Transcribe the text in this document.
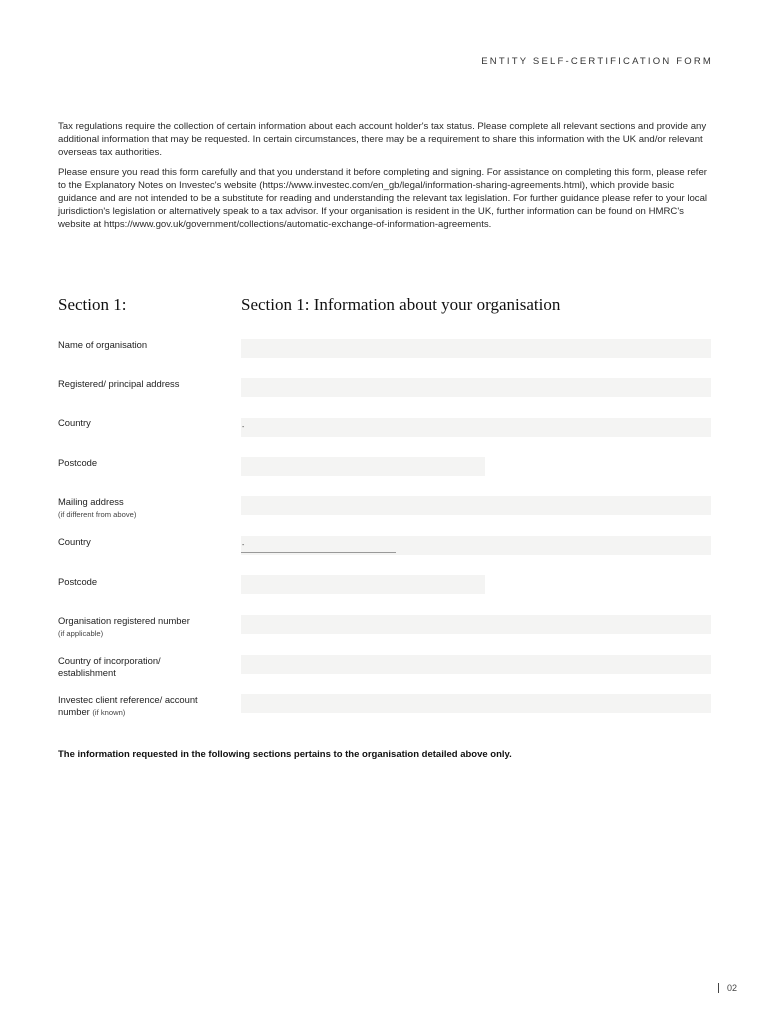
ENTITY SELF-CERTIFICATION FORM

Tax regulations require the collection of certain information about each account holder's tax status. Please complete all relevant sections and provide any additional information that may be requested. In certain circumstances, there may be a requirement to share this information with the UK and/or relevant overseas tax authorities.

Please ensure you read this form carefully and that you understand it before completing and signing. For assistance on completing this form, please refer to the Explanatory Notes on Investec's website (https://www.investec.com/en_gb/legal/information-sharing-agreements.html), which provide basic guidance and are not intended to be a substitute for reading and understanding the relevant tax legislation. For further guidance please refer to your local jurisdiction's legislation or alternatively speak to a tax advisor. If your organisation is resident in the UK, further information can be found on HMRC's website at https://www.gov.uk/government/collections/automatic-exchange-of-information-agreements.

Section 1:	Section 1: Information about your organisation
Name of organisation
Registered/ principal address
Country	-
Postcode
Mailing address
(if different from above)
Country	-
Postcode
Organisation registered number
(if applicable)
Country of incorporation/ establishment
Investec client reference/ account number (if known)
The information requested in the following sections pertains to the organisation detailed above only.
02
